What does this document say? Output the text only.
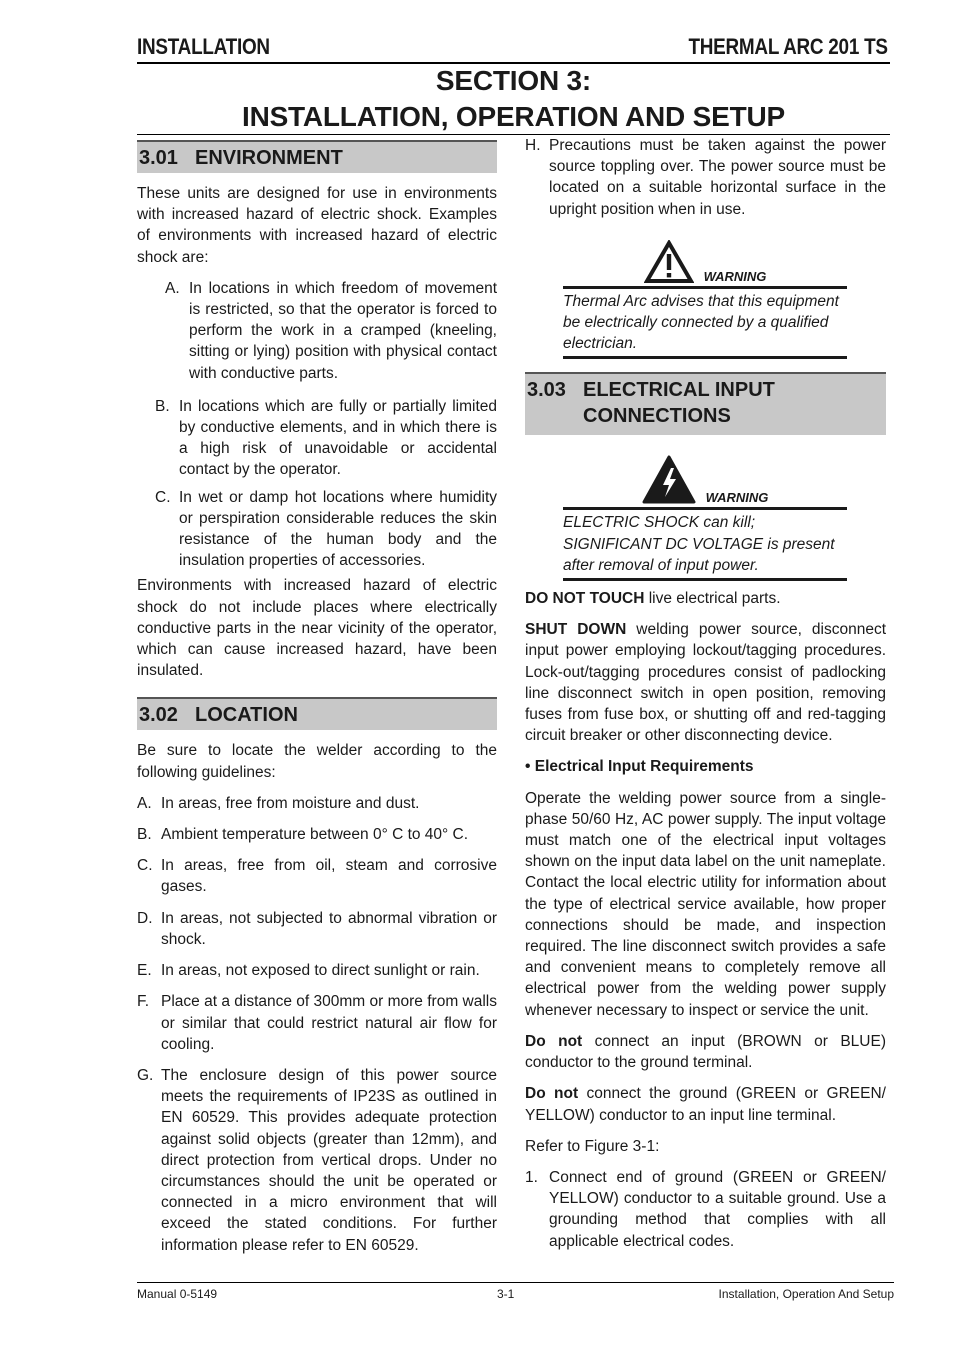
INSTALLATION	THERMAL ARC 201 TS
SECTION 3:
INSTALLATION, OPERATION AND SETUP
3.01 ENVIRONMENT

These units are designed for use in environments with increased hazard of electric shock. Examples of environments with increased hazard of electric shock are:

A. In locations in which freedom of movement is restricted, so that the operator is forced to perform the work in a cramped (kneeling, sitting or lying) position with physical contact with conductive parts.
B. In locations which are fully or partially limited by conductive elements, and in which there is a high risk of unavoidable or accidental contact by the operator.
C. In wet or damp hot locations where humidity or perspiration considerable reduces the skin resistance of the human body and the insulation properties of accessories.

Environments with increased hazard of electric shock do not include places where electrically conductive parts in the near vicinity of the operator, which can cause increased hazard, have been insulated.

3.02 LOCATION

Be sure to locate the welder according to the following guidelines:

A. In areas, free from moisture and dust.
B. Ambient temperature between 0° C to 40° C.
C. In areas, free from oil, steam and corrosive gases.
D. In areas, not subjected to abnormal vibration or shock.
E. In areas, not exposed to direct sunlight or rain.
F. Place at a distance of 300mm or more from walls or similar that could restrict natural air flow for cooling.
G. The enclosure design of this power source meets the requirements of IP23S as outlined in EN 60529. This provides adequate protection against solid objects (greater than 12mm), and direct protection from vertical drops. Under no circumstances should the unit be operated or connected in a micro environment that will exceed the stated conditions. For further information please refer to EN 60529.
H. Precautions must be taken against the power source toppling over. The power source must be located on a suitable horizontal surface in the upright position when in use.
WARNING

Thermal Arc advises that this equipment be electrically connected by a qualified electrician.

3.03 ELECTRICAL INPUT CONNECTIONS
WARNING

ELECTRIC SHOCK can kill; SIGNIFICANT DC VOLTAGE is present after removal of input power.

DO NOT TOUCH live electrical parts.

SHUT DOWN welding power source, disconnect input power employing lockout/tagging procedures. Lock-out/tagging procedures consist of padlocking line disconnect switch in open position, removing fuses from fuse box, or shutting off and red-tagging circuit breaker or other disconnecting device.

• Electrical Input Requirements

Operate the welding power source from a single-phase 50/60 Hz, AC power supply. The input voltage must match one of the electrical input voltages shown on the input data label on the unit nameplate. Contact the local electric utility for information about the type of electrical service available, how proper connections should be made, and inspection required. The line disconnect switch provides a safe and convenient means to completely remove all electrical power from the welding power supply whenever necessary to inspect or service the unit.

Do not connect an input (BROWN or BLUE) conductor to the ground terminal.

Do not connect the ground (GREEN or GREEN/ YELLOW) conductor to an input line terminal.

Refer to Figure 3-1:

1. Connect end of ground (GREEN or GREEN/ YELLOW) conductor to a suitable ground. Use a grounding method that complies with all applicable electrical codes.
Manual 0-5149	3-1	Installation, Operation And Setup
